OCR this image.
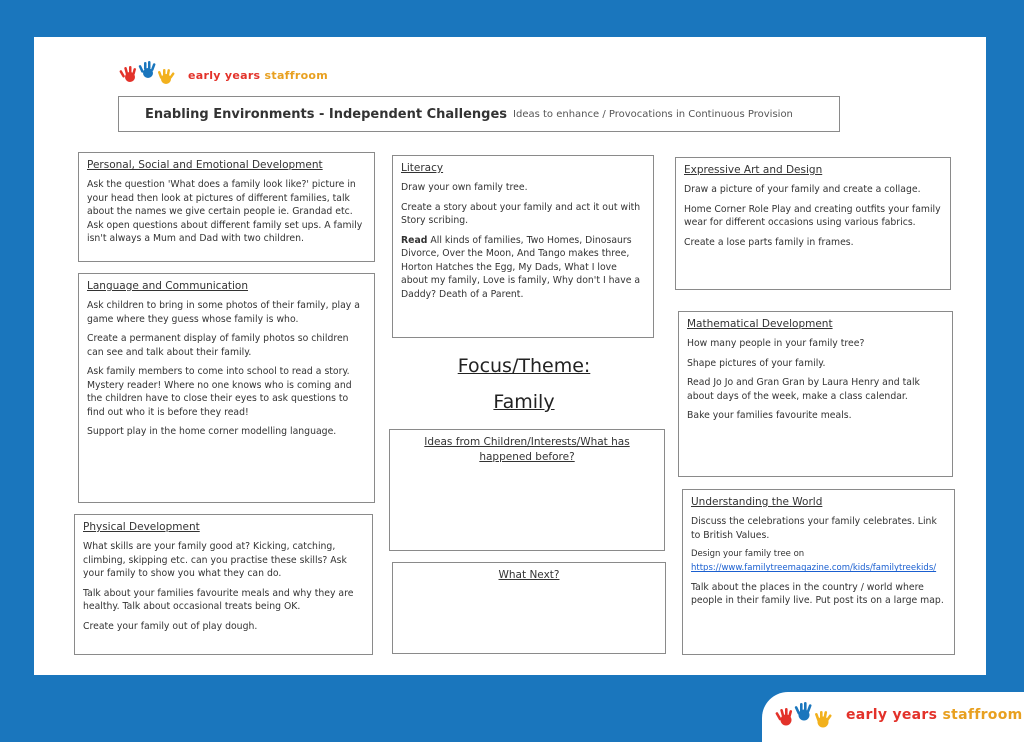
early years staffroom
Enabling Environments - Independent Challenges Ideas to enhance / Provocations in Continuous Provision
Personal, Social and Emotional Development

Ask the question 'What does a family look like?' picture in your head then look at pictures of different families, talk about the names we give certain people ie. Grandad etc. Ask open questions about different family set ups. A family isn't always a Mum and Dad with two children.

Language and Communication

Ask children to bring in some photos of their family, play a game where they guess whose family is who.

Create a permanent display of family photos so children can see and talk about their family.

Ask family members to come into school to read a story. Mystery reader! Where no one knows who is coming and the children have to close their eyes to ask questions to find out who it is before they read!

Support play in the home corner modelling language.

Physical Development

What skills are your family good at? Kicking, catching, climbing, skipping etc. can you practise these skills? Ask your family to show you what they can do.

Talk about your families favourite meals and why they are healthy. Talk about occasional treats being OK.

Create your family out of play dough.

Literacy

Draw your own family tree.

Create a story about your family and act it out with Story scribing.

Read All kinds of families, Two Homes, Dinosaurs Divorce, Over the Moon, And Tango makes three, Horton Hatches the Egg, My Dads, What I love about my family, Love is family, Why don't I have a Daddy? Death of a Parent.

Focus/Theme:
Family
Ideas from Children/Interests/What has happened before?
What Next?
Expressive Art and Design

Draw a picture of your family and create a collage.

Home Corner Role Play and creating outfits your family wear for different occasions using various fabrics.

Create a lose parts family in frames.

Mathematical Development

How many people in your family tree?

Shape pictures of your family.

Read Jo Jo and Gran Gran by Laura Henry and talk about days of the week, make a class calendar.

Bake your families favourite meals.

Understanding the World

Discuss the celebrations your family celebrates. Link to British Values.

Design your family tree on

https://www.familytreemagazine.com/kids/familytreekids/

Talk about the places in the country / world where people in their family live. Put post its on a large map.

early years staffroom
